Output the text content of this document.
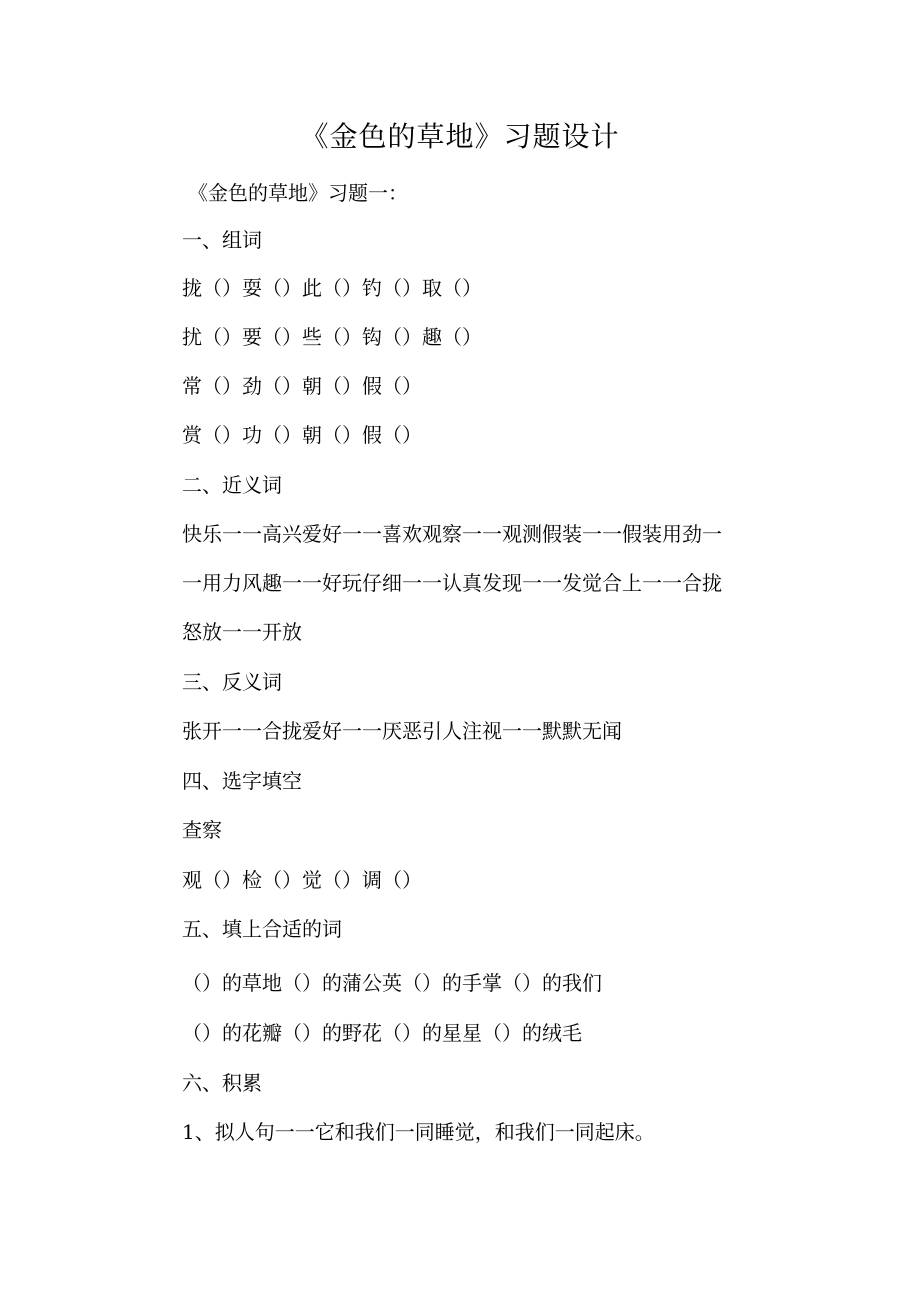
《金色的草地》习题设计

《金色的草地》习题一：

一、组词

拢（）耍（）此（）钓（）取（）

扰（）要（）些（）钩（）趣（）

常（）劲（）朝（）假（）

赏（）功（）朝（）假（）

二、近义词

快乐一一高兴爱好一一喜欢观察一一观测假装一一假装用劲一

一用力风趣一一好玩仔细一一认真发现一一发觉合上一一合拢

怒放一一开放

三、反义词

张开一一合拢爱好一一厌恶引人注视一一默默无闻

四、选字填空

查察

观（）检（）觉（）调（）

五、填上合适的词

（）的草地（）的蒲公英（）的手掌（）的我们

（）的花瓣（）的野花（）的星星（）的绒毛

六、积累

1、拟人句一一它和我们一同睡觉，和我们一同起床。
